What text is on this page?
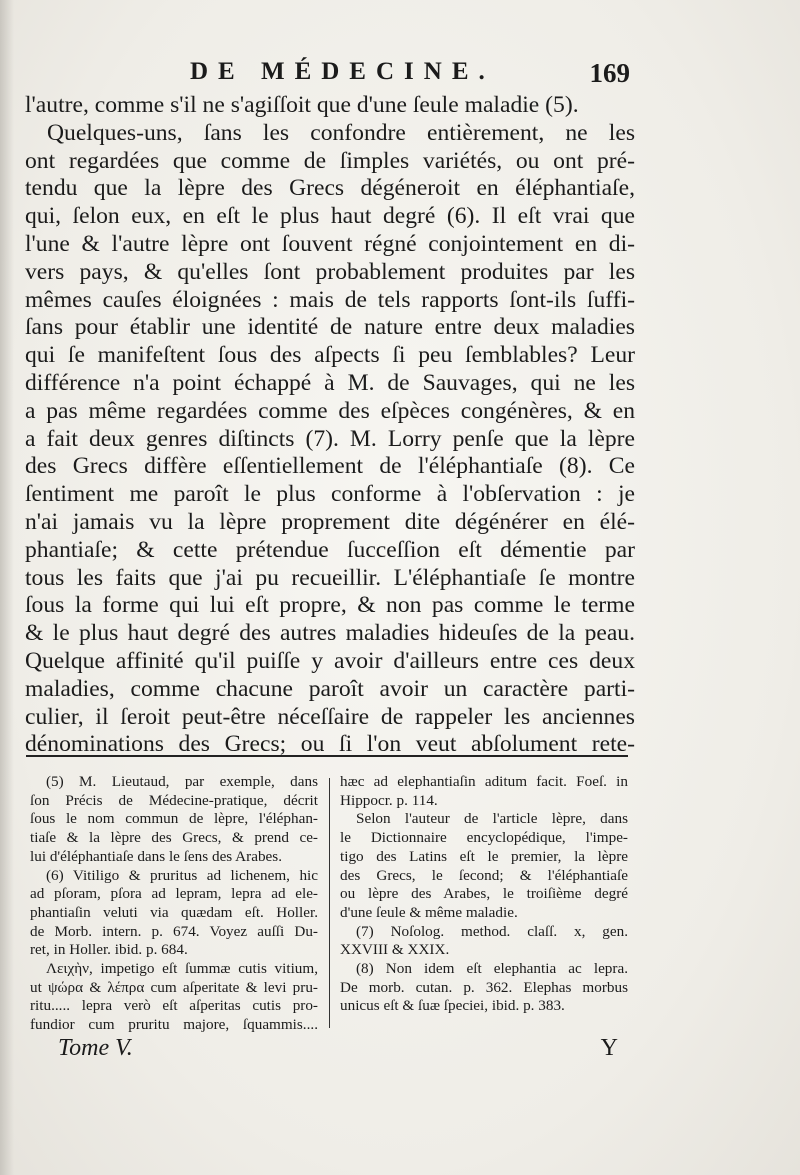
DE MÉDECINE.	169
l'autre, comme s'il ne s'agiſſoit que d'une ſeule maladie (5).
Quelques-uns, ſans les confondre entièrement, ne les
ont regardées que comme de ſimples variétés, ou ont pré-
tendu que la lèpre des Grecs dégéneroit en éléphantiaſe,
qui, ſelon eux, en eſt le plus haut degré (6). Il eſt vrai que
l'une & l'autre lèpre ont ſouvent régné conjointement en di-
vers pays, & qu'elles ſont probablement produites par les
mêmes cauſes éloignées : mais de tels rapports ſont-ils ſuffi-
ſans pour établir une identité de nature entre deux maladies
qui ſe manifeſtent ſous des aſpects ſi peu ſemblables? Leur
différence n'a point échappé à M. de Sauvages, qui ne les
a pas même regardées comme des eſpèces congénères, & en
a fait deux genres diſtincts (7). M. Lorry penſe que la lèpre
des Grecs diffère eſſentiellement de l'éléphantiaſe (8). Ce
ſentiment me paroît le plus conforme à l'obſervation : je
n'ai jamais vu la lèpre proprement dite dégénérer en élé-
phantiaſe; & cette prétendue ſucceſſion eſt démentie par
tous les faits que j'ai pu recueillir. L'éléphantiaſe ſe montre
ſous la forme qui lui eſt propre, & non pas comme le terme
& le plus haut degré des autres maladies hideuſes de la peau.
Quelque affinité qu'il puiſſe y avoir d'ailleurs entre ces deux
maladies, comme chacune paroît avoir un caractère parti-
culier, il ſeroit peut-être néceſſaire de rappeler les anciennes
dénominations des Grecs; ou ſi l'on veut abſolument rete-
(5) M. Lieutaud, par exemple, dans
ſon Précis de Médecine-pratique, décrit
ſous le nom commun de lèpre, l'éléphan-
tiaſe & la lèpre des Grecs, & prend ce-
lui d'éléphantiaſe dans le ſens des Arabes.
(6) Vitiligo & pruritus ad lichenem, hic
ad pſoram, pſora ad lepram, lepra ad ele-
phantiaſin veluti via quædam eſt. Holler.
de Morb. intern. p. 674. Voyez auſſi Du-
ret, in Holler. ibid. p. 684.
Λειχὴν, impetigo eſt ſummæ cutis vitium,
ut ψώρα & λέπρα cum aſperitate & levi pru-
ritu..... lepra verò eſt aſperitas cutis pro-
fundior cum pruritu majore, ſquammis....
hæc ad elephantiaſin aditum facit. Foeſ. in
Hippocr. p. 114.
Selon l'auteur de l'article lèpre, dans
le Dictionnaire encyclopédique, l'impe-
tigo des Latins eſt le premier, la lèpre
des Grecs, le ſecond; & l'éléphantiaſe
ou lèpre des Arabes, le troiſième degré
d'une ſeule & même maladie.
(7) Noſolog. method. claſſ. x, gen.
XXVIII & XXIX.
(8) Non idem eſt elephantia ac lepra.
De morb. cutan. p. 362. Elephas morbus
unicus eſt & ſuæ ſpeciei, ibid. p. 383.
Tome V.	Y
